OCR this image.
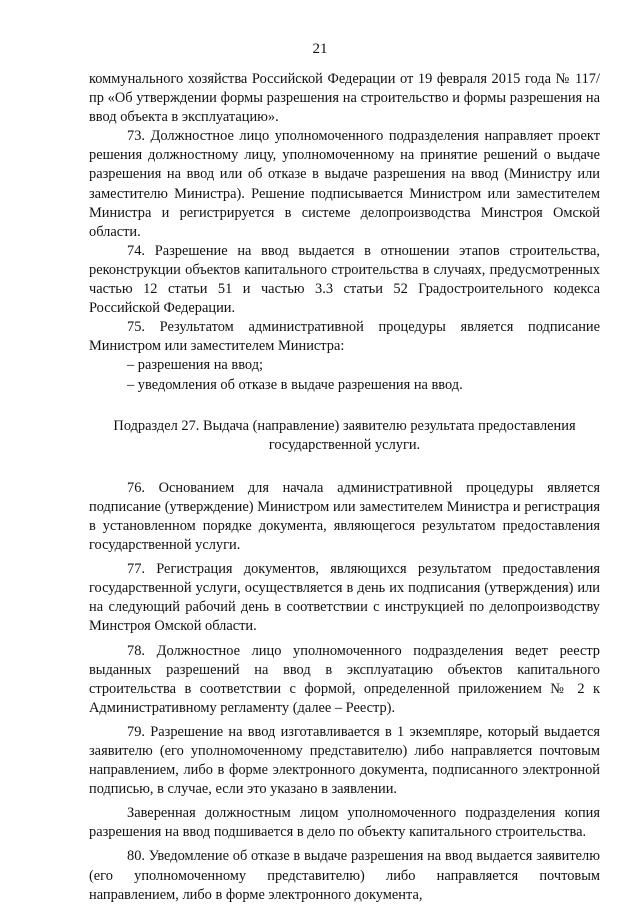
21

коммунального хозяйства Российской Федерации от 19 февраля 2015 года № 117/пр «Об утверждении формы разрешения на строительство и формы разрешения на ввод объекта в эксплуатацию».

73. Должностное лицо уполномоченного подразделения направляет проект решения должностному лицу, уполномоченному на принятие решений о выдаче разрешения на ввод или об отказе в выдаче разрешения на ввод (Министру или заместителю Министра). Решение подписывается Министром или заместителем Министра и регистрируется в системе делопроизводства Минстроя Омской области.

74. Разрешение на ввод выдается в отношении этапов строительства, реконструкции объектов капитального строительства в случаях, предусмотренных частью 12 статьи 51 и частью 3.3 статьи 52 Градостроительного кодекса Российской Федерации.

75. Результатом административной процедуры является подписание Министром или заместителем Министра:

– разрешения на ввод;

– уведомления об отказе в выдаче разрешения на ввод.

Подраздел 27. Выдача (направление) заявителю результата предоставления
государственной услуги.

76. Основанием для начала административной процедуры является подписание (утверждение) Министром или заместителем Министра и регистрация в установленном порядке документа, являющегося результатом предоставления государственной услуги.

77. Регистрация документов, являющихся результатом предоставления государственной услуги, осуществляется в день их подписания (утверждения) или на следующий рабочий день в соответствии с инструкцией по делопроизводству Минстроя Омской области.

78. Должностное лицо уполномоченного подразделения ведет реестр выданных разрешений на ввод в эксплуатацию объектов капитального строительства в соответствии с формой, определенной приложением № 2 к Административному регламенту (далее – Реестр).

79. Разрешение на ввод изготавливается в 1 экземпляре, который выдается заявителю (его уполномоченному представителю) либо направляется почтовым направлением, либо в форме электронного документа, подписанного электронной подписью, в случае, если это указано в заявлении.

Заверенная должностным лицом уполномоченного подразделения копия разрешения на ввод подшивается в дело по объекту капитального строительства.

80. Уведомление об отказе в выдаче разрешения на ввод выдается заявителю (его уполномоченному представителю) либо направляется почтовым направлением, либо в форме электронного документа,
